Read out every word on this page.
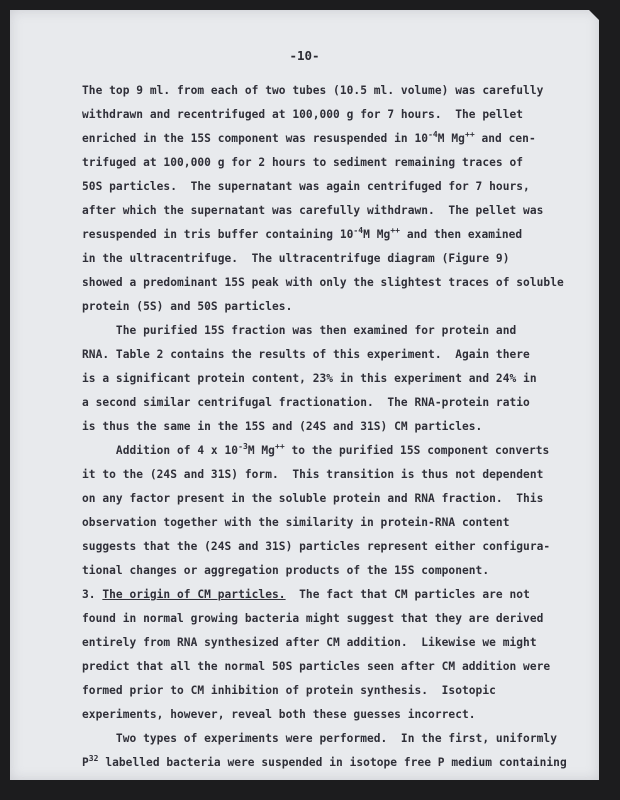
-10-
The top 9 ml. from each of two tubes (10.5 ml. volume) was carefully
withdrawn and recentrifuged at 100,000 g for 7 hours.  The pellet
enriched in the 15S component was resuspended in $10^{-4}M$ Mg++ and cen-
trifuged at 100,000 g for 2 hours to sediment remaining traces of
50S particles.  The supernatant was again centrifuged for 7 hours,
after which the supernatant was carefully withdrawn.  The pellet was
resuspended in tris buffer containing $10^{-4}M$ Mg++ and then examined
in the ultracentrifuge.  The ultracentrifuge diagram (Figure 9)
showed a predominant 15S peak with only the slightest traces of soluble
protein (5S) and 50S particles.
The purified 15S fraction was then examined for protein and
RNA. Table 2 contains the results of this experiment.  Again there
is a significant protein content, 23% in this experiment and 24% in
a second similar centrifugal fractionation.  The RNA-protein ratio
is thus the same in the 15S and (24S and 31S) CM particles.
Addition of 4 x $10^{-3}M$ Mg++ to the purified 15S component converts
it to the (24S and 31S) form.  This transition is thus not dependent
on any factor present in the soluble protein and RNA fraction.  This
observation together with the similarity in protein-RNA content
suggests that the (24S and 31S) particles represent either configura-
tional changes or aggregation products of the 15S component.
3. The origin of CM particles.  The fact that CM particles are not
found in normal growing bacteria might suggest that they are derived
entirely from RNA synthesized after CM addition.  Likewise we might
predict that all the normal 50S particles seen after CM addition were
formed prior to CM inhibition of protein synthesis.  Isotopic
experiments, however, reveal both these guesses incorrect.
Two types of experiments were performed.  In the first, uniformly
$P^{32}$ labelled bacteria were suspended in isotope free P medium containing
